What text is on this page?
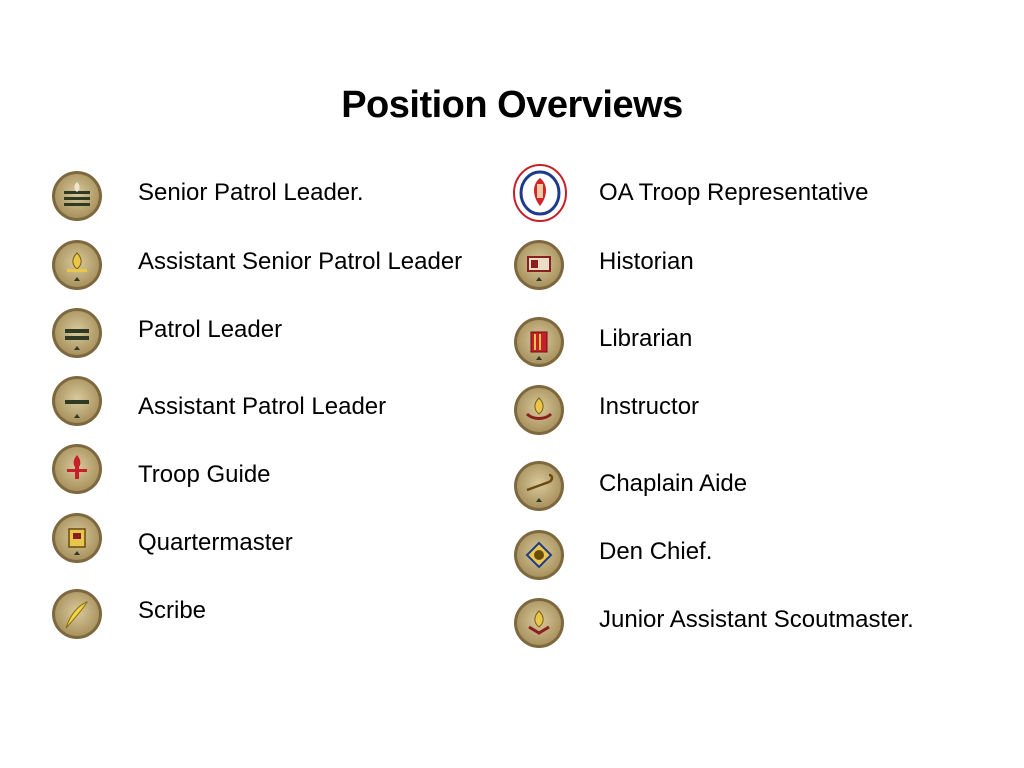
Position Overviews
Senior Patrol Leader.
Assistant Senior Patrol Leader
Patrol Leader
Assistant Patrol Leader
Troop Guide
Quartermaster
Scribe
OA Troop Representative
Historian
Librarian
Instructor
Chaplain Aide
Den Chief.
Junior Assistant Scoutmaster.
